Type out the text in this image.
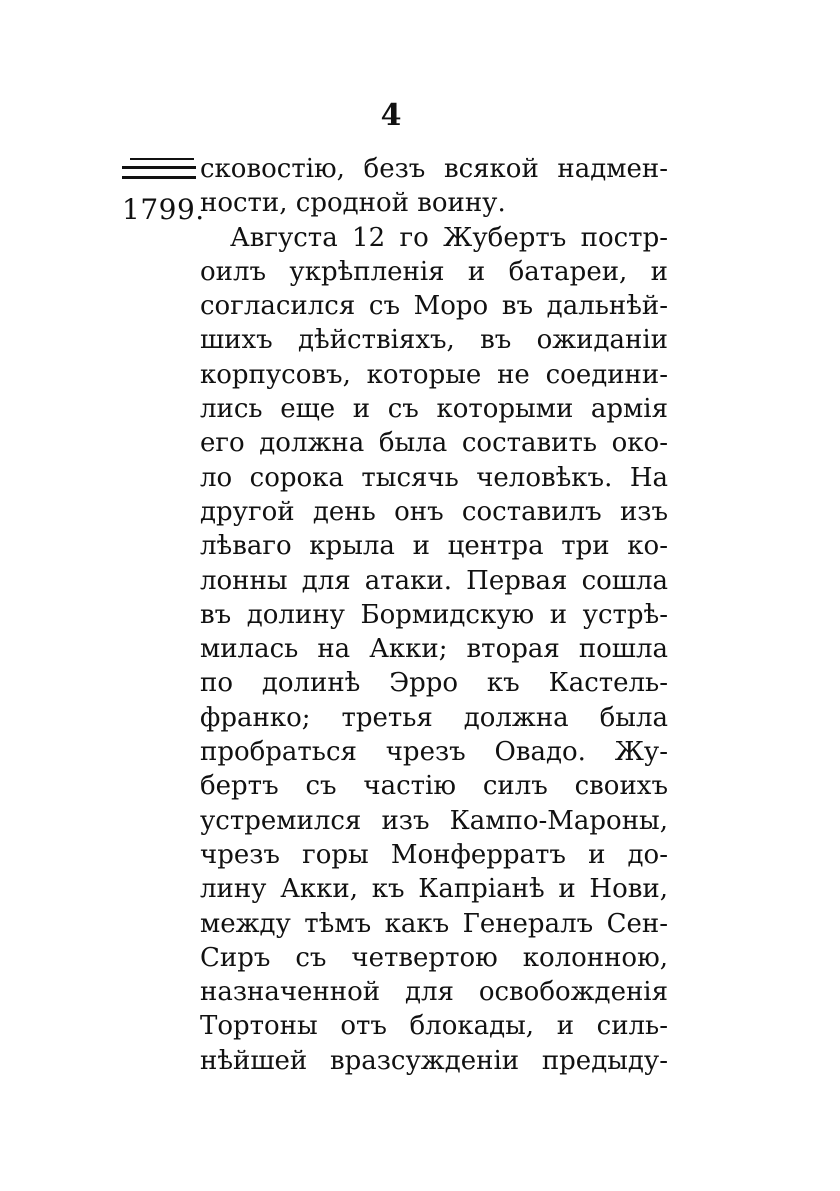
4
1799.
сковостію, безъ всякой надмен-
ности, сродной воину.
Августа 12 го Жубертъ постр-
оилъ укрѣпленія и батареи, и
согласился съ Моро въ дальнѣй-
шихъ дѣйствіяхъ, въ ожиданіи
корпусовъ, которые не соедини-
лись еще и съ которыми армія
его должна была составить око-
ло сорока тысячь человѣкъ. На
другой день онъ составилъ изъ
лѣваго крыла и центра три ко-
лонны для атаки. Первая сошла
въ долину Бормидскую и устрѣ-
милась на Акки; вторая пошла
по долинѣ Эрро къ Кастель-
франко; третья должна была
пробраться чрезъ Овадо. Жу-
бертъ съ частію силъ своихъ
устремился изъ Кампо-Мароны,
чрезъ горы Монферратъ и до-
лину Акки, къ Капріанѣ и Нови,
между тѣмъ какъ Генералъ Сен-
Сиръ съ четвертою колонною,
назначенной для освобожденія
Тортоны отъ блокады, и силь-
нѣйшей вразсужденіи предыду-
